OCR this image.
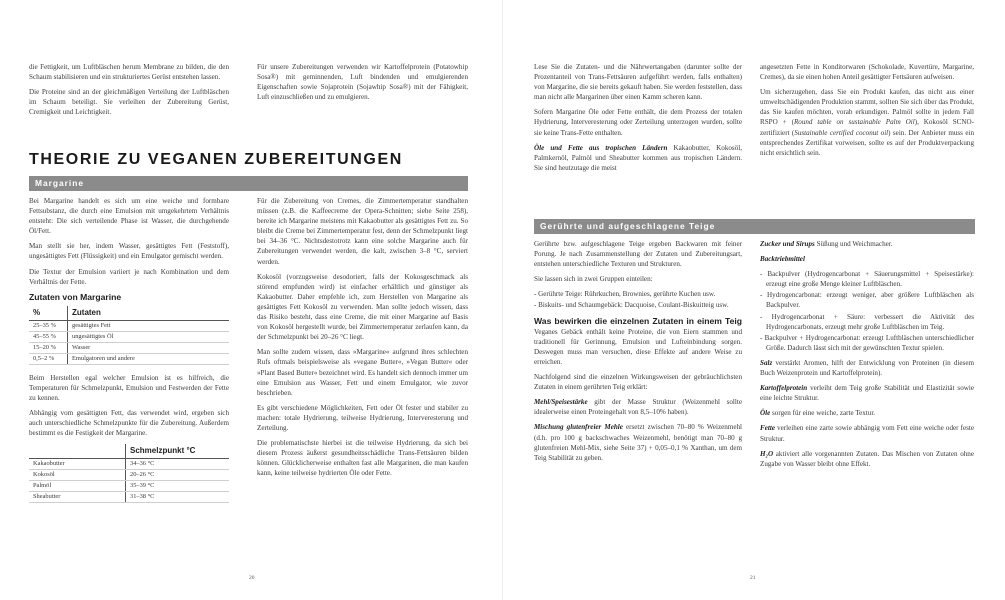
die Fettigkeit, um Luftbläschen herum Membrane zu bilden, die den Schaum stabilisieren und ein strukturiertes Gerüst entstehen lassen.

Die Proteine sind an der gleichmäßigen Verteilung der Luftbläschen im Schaum beteiligt. Sie verleihen der Zubereitung Gerüst, Cremigkeit und Leichtigkeit.

Für unsere Zubereitungen verwenden wir Kartoffelprotein (Potatowhip Sosa®) mit geminnenden, Luft bindenden und emulgierenden Eigenschaften sowie Sojaprotein (Sojawhip Sosa®) mit der Fähigkeit, Luft einzuschließen und zu emulgieren.

THEORIE ZU VEGANEN ZUBEREITUNGEN
Margarine

Bei Margarine handelt es sich um eine weiche und formbare Fettsubstanz, die durch eine Emulsion mit umgekehrtem Verhältnis entsteht: Die sich verteilende Phase ist Wasser, die durchgehende Öl/Fett.

Man stellt sie her, indem Wasser, gesättigtes Fett (Feststoff), ungesättigtes Fett (Flüssigkeit) und ein Emulgator gemischt werden.

Die Textur der Emulsion variiert je nach Kombination und dem Verhältnis der Fette.

Zutaten von Margarine
%	Zutaten
25–35 %	gesättigtes Fett
45–55 %	ungesättigtes Öl
15–20 %	Wasser
0,5–2 %	Emulgatoren und andere

Beim Herstellen egal welcher Emulsion ist es hilfreich, die Temperaturen für Schmelzpunkt, Emulsion und Festwerden der Fette zu kennen.

Abhängig vom gesättigten Fett, das verwendet wird, ergeben sich auch unterschiedliche Schmelzpunkte für die Zubereitung. Außerdem bestimmt es die Festigkeit der Margarine.

	Schmelzpunkt °C
Kakaobutter	34–36 °C
Kokosöl	20–26 °C
Palmöl	35–39 °C
Sheabutter	31–38 °C

Für die Zubereitung von Cremes, die Zimmertemperatur standhalten müssen (z.B. die Kaffeecreme der Opera-Schnitten; siehe Seite 258), bereite ich Margarine meistens mit Kakaobutter als gesättigtes Fett zu. So bleibt die Creme bei Zimmertemperatur fest, denn der Schmelzpunkt liegt bei 34–36 °C. Nichtsdestotrotz kann eine solche Margarine auch für Zubereitungen verwendet werden, die kalt, zwischen 3–8 °C, serviert werden.

Kokosöl (vorzugsweise desodoriert, falls der Kokosgeschmack als störend empfunden wird) ist einfacher erhältlich und günstiger als Kakaobutter. Daher empfehle ich, zum Herstellen von Margarine als gesättigtes Fett Kokosöl zu verwenden. Man sollte jedoch wissen, dass das Risiko besteht, dass eine Creme, die mit einer Margarine auf Basis von Kokosöl hergestellt wurde, bei Zimmertemperatur zerlaufen kann, da der Schmelzpunkt bei 20–26 °C liegt.

Man sollte zudem wissen, dass »Margarine« aufgrund ihres schlechten Rufs oftmals beispielsweise als »vegane Butter«, »Vegan Butter« oder »Plant Based Butter« bezeichnet wird. Es handelt sich dennoch immer um eine Emulsion aus Wasser, Fett und einem Emulgator, wie zuvor beschrieben.

Es gibt verschiedene Möglichkeiten, Fett oder Öl fester und stabiler zu machen: totale Hydrierung, teilweise Hydrierung, Interveresterung und Zerteilung.

Die problematischste hierbei ist die teilweise Hydrierung, da sich bei diesem Prozess äußerst gesundheitsschädliche Trans-Fettsäuren bilden können. Glücklicherweise enthalten fast alle Margarinen, die man kaufen kann, keine teilweise hydrierten Öle oder Fette.

20

Lese Sie die Zutaten- und die Nährwertangaben (darunter sollte der Prozentanteil von Trans-Fettsäuren aufgeführt werden, falls enthalten) von Margarine, die sie bereits gekauft haben. Sie werden feststellen, dass man nicht alle Margarinen über einen Kamm scheren kann.

Sofern Margarine Öle oder Fette enthält, die dem Prozess der totalen Hydrierung, Interveresterung oder Zerteilung unterzogen wurden, sollte sie keine Trans-Fette enthalten.

Öle und Fette aus tropischen Ländern Kakaobutter, Kokosöl, Palmkernöl, Palmöl und Sheabutter kommen aus tropischen Ländern. Sie sind heutzutage die meist

angesetzten Fette in Konditorwaren (Schokolade, Kuvertüre, Margarine, Cremes), da sie einen hohen Anteil gesättigter Fettsäuren aufweisen.

Um sicherzugehen, dass Sie ein Produkt kaufen, das nicht aus einer umweltschädigenden Produktion stammt, sollten Sie sich über das Produkt, das Sie kaufen möchten, vorab erkundigen. Palmöl sollte in jedem Fall RSPO + (Round table on sustainable Palm Oil), Kokosöl SCNO-zertifiziert (Sustainable certified coconut oil) sein. Der Anbieter muss ein entsprechendes Zertifikat vorweisen, sollte es auf der Produktverpackung nicht ersichtlich sein.

Gerührte und aufgeschlagene Teige

Gerührte bzw. aufgeschlagene Teige ergeben Backwaren mit feiner Porung. Je nach Zusammenstellung der Zutaten und Zubereitungsart, entstehen unterschiedliche Texturen und Strukturen.

Sie lassen sich in zwei Gruppen einteilen:

- Gerührte Teige: Rührkuchen, Brownies, gerührte Kuchen usw.
- Biskuits- und Schaumgebäck: Dacquoise, Coulant-Biskuitteig usw.

Was bewirken die einzelnen Zutaten in einem Teig Veganes Gebäck enthält keine Proteine, die von Eiern stammen und traditionell für Gerinnung, Emulsion und Lufteinbindung sorgen. Deswegen muss man versuchen, diese Effekte auf andere Weise zu erreichen.

Nachfolgend sind die einzelnen Wirkungsweisen der gebräuchlichsten Zutaten in einem gerührten Teig erklärt:

Mehl/Speisestärke gibt der Masse Struktur (Weizenmehl sollte idealerweise einen Proteingehalt von 8,5–10% haben).

Mischung glutenfreier Mehle ersetzt zwischen 70–80 % Weizenmehl (d.h. pro 100 g backschwaches Weizenmehl, benötigt man 70–80 g glutenfreien Mehl-Mix, siehe Seite 37) + 0,05–0,1 % Xanthan, um dem Teig Stabilität zu geben.

Zucker und Sirups Süßung und Weichmacher.

Backtriebmittel

- Backpulver (Hydrogencarbonat + Säuerungsmittel + Speisestärke): erzeugt eine große Menge kleiner Luftbläschen.
- Hydrogencarbonat: erzeugt weniger, aber größere Luftbläschen als Backpulver.
- Hydrogencarbonat + Säure: verbessert die Aktivität des Hydrogencarbonats, erzeugt mehr große Luftbläschen im Teig.
- Backpulver + Hydrogencarbonat: erzeugt Luftbläschen unterschiedlicher Größe. Dadurch lässt sich mit der gewünschten Textur spielen.

Salz verstärkt Aromen, hilft der Entwicklung von Proteinen (in diesem Buch Weizenprotein und Kartoffelprotein).

Kartoffelprotein verleiht dem Teig große Stabilität und Elastizität sowie eine leichte Struktur.

Öle sorgen für eine weiche, zarte Textur.

Fette verleihen eine zarte sowie abhängig vom Fett eine weiche oder feste Struktur.

H₂O aktiviert alle vorgenannten Zutaten. Das Mischen von Zutaten ohne Zugabe von Wasser bleibt ohne Effekt.

21
